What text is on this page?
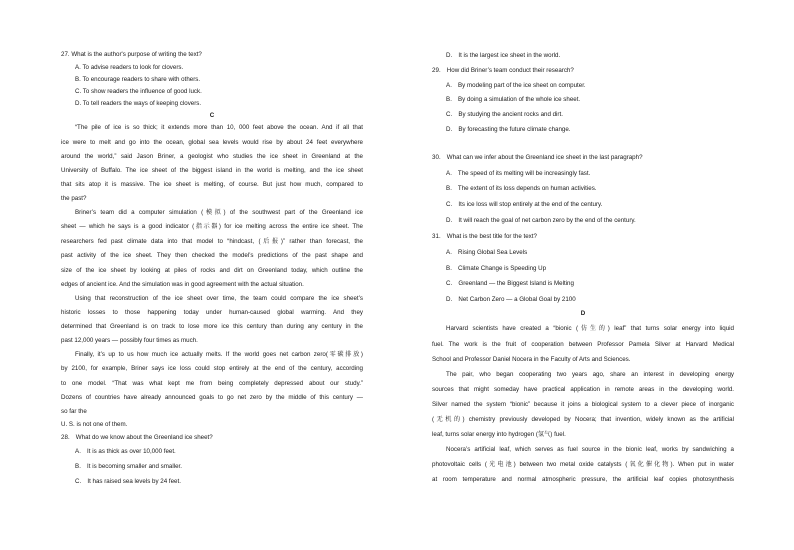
27. What is the author's purpose of writing the text?
A. To advise readers to look for clovers.
B. To encourage readers to share with others.
C. To show readers the influence of good luck.
D. To tell readers the ways of keeping clovers.
C
“The pile of ice is so thick; it extends more than 10, 000 feet above the ocean. And if all that
ice were to melt and go into the ocean, global sea levels would rise by about 24 feet everywhere
around the world,” said Jason Briner, a geologist who studies the ice sheet in Greenland at the
University of Buffalo. The ice sheet of the biggest island in the world is melting, and the ice sheet
that sits atop it is massive. The ice sheet is melting, of course. But just how much, compared to
the past?
Briner’s team did a computer simulation (模拟) of the southwest part of the Greenland ice
sheet — which he says is a good indicator (指示器) for ice melting across the entire ice sheet. The
researchers fed past climate data into that model to “hindcast, (后报)” rather than forecast, the
past activity of the ice sheet. They then checked the model’s predictions of the past shape and
size of the ice sheet by looking at piles of rocks and dirt on Greenland today, which outline the
edges of ancient ice. And the simulation was in good agreement with the actual situation.
Using that reconstruction of the ice sheet over time, the team could compare the ice sheet’s
historic losses to those happening today under human-caused global warming. And they
determined that Greenland is on track to lose more ice this century than during any century in the
past 12,000 years — possibly four times as much.
Finally, it’s up to us how much ice actually melts. If the world goes net carbon zero(零碳排放)
by 2100, for example, Briner says ice loss could stop entirely at the end of the century, according
to one model. “That was what kept me from being completely depressed about our study.”
Dozens of countries have already announced goals to go net zero by the middle of this century —
so far the
U. S. is not one of them.
28． What do we know about the Greenland ice sheet?
A． It is as thick as over 10,000 feet.
B． It is becoming smaller and smaller.
C． It has raised sea levels by 24 feet.
D． It is the largest ice sheet in the world.
29． How did Briner’s team conduct their research?
A． By modeling part of the ice sheet on computer.
B． By doing a simulation of the whole ice sheet.
C． By studying the ancient rocks and dirt.
D． By forecasting the future climate change.
30． What can we infer about the Greenland ice sheet in the last paragraph?
A． The speed of its melting will be increasingly fast.
B． The extent of its loss depends on human activities.
C． Its ice loss will stop entirely at the end of the century.
D． It will reach the goal of net carbon zero by the end of the century.
31． What is the best title for the text?
A． Rising Global Sea Levels
B． Climate Change is Speeding Up
C． Greenland — the Biggest Island is Melting
D． Net Carbon Zero — a Global Goal by 2100
D
Harvard scientists have created a “bionic (仿生的) leaf” that turns solar energy into liquid
fuel. The work is the fruit of cooperation between Professor Pamela Silver at Harvard Medical
School and Professor Daniel Nocera in the Faculty of Arts and Sciences.
The pair, who began cooperating two years ago, share an interest in developing energy
sources that might someday have practical application in remote areas in the developing world.
Silver named the system “bionic” because it joins a biological system to a clever piece of inorganic
(无机的) chemistry previously developed by Nocera; that invention, widely known as the artificial
leaf, turns solar energy into hydrogen (氢气) fuel.
Nocera’s artificial leaf, which serves as fuel source in the bionic leaf, works by sandwiching a
photovoltaic cells (光电池) between two metal oxide catalysts (氧化催化物). When put in water
at room temperature and normal atmospheric pressure, the artificial leaf copies photosynthesis
